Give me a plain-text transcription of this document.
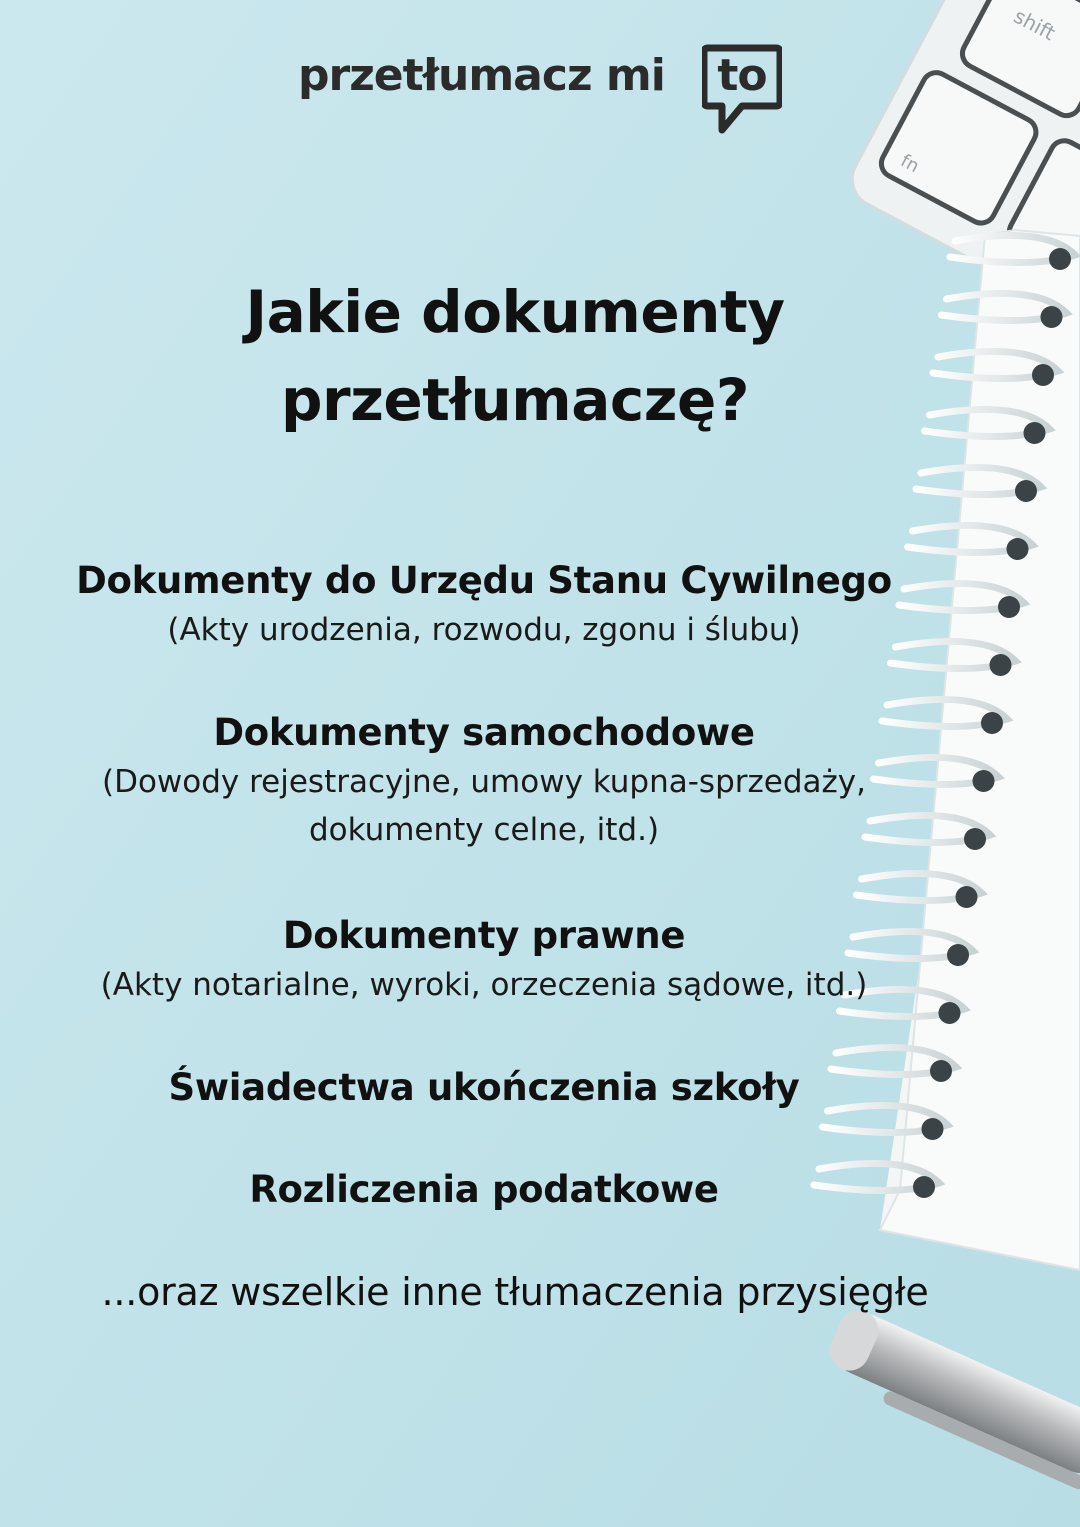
shift
fn
przetłumacz mi to
Jakie dokumenty
przetłumaczę?
Dokumenty do Urzędu Stanu Cywilnego
(Akty urodzenia, rozwodu, zgonu i ślubu)
Dokumenty samochodowe
(Dowody rejestracyjne, umowy kupna-sprzedaży,
dokumenty celne, itd.)
Dokumenty prawne
(Akty notarialne, wyroki, orzeczenia sądowe, itd.)
Świadectwa ukończenia szkoły
Rozliczenia podatkowe
...oraz wszelkie inne tłumaczenia przysięgłe
